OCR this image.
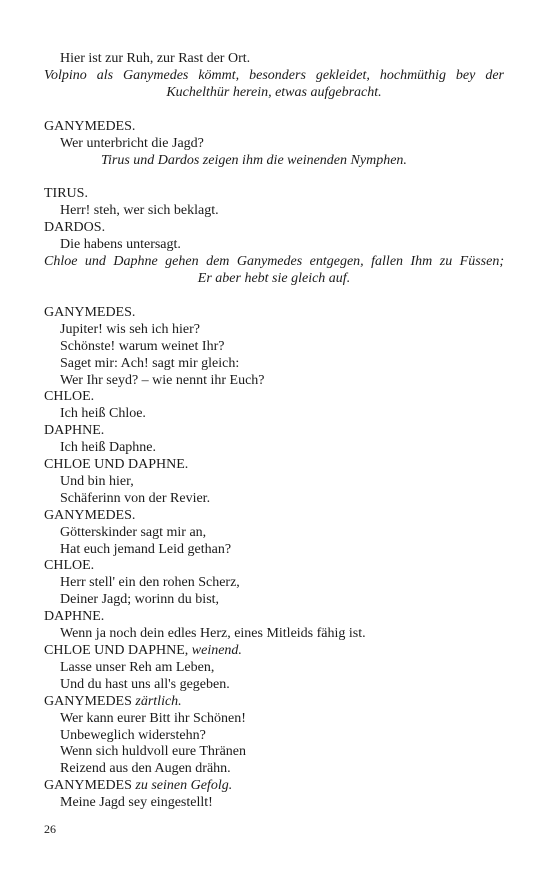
Hier ist zur Ruh, zur Rast der Ort.
Volpino als Ganymedes kömmt, besonders gekleidet, hochmüthig bey der
Kuchelthür herein, etwas aufgebracht.
GANYMEDES.
Wer unterbricht die Jagd?
Tirus und Dardos zeigen ihm die weinenden Nymphen.
TIRUS.
Herr! steh, wer sich beklagt.
DARDOS.
Die habens untersagt.
Chloe und Daphne gehen dem Ganymedes entgegen, fallen Ihm zu Füssen;
Er aber hebt sie gleich auf.
GANYMEDES.
Jupiter! wis seh ich hier?
Schönste! warum weinet Ihr?
Saget mir: Ach! sagt mir gleich:
Wer Ihr seyd? – wie nennt ihr Euch?
CHLOE.
Ich heiß Chloe.
DAPHNE.
Ich heiß Daphne.
CHLOE UND DAPHNE.
Und bin hier,
Schäferinn von der Revier.
GANYMEDES.
Götterskinder sagt mir an,
Hat euch jemand Leid gethan?
CHLOE.
Herr stell' ein den rohen Scherz,
Deiner Jagd; worinn du bist,
DAPHNE.
Wenn ja noch dein edles Herz, eines Mitleids fähig ist.
CHLOE UND DAPHNE, weinend.
Lasse unser Reh am Leben,
Und du hast uns all's gegeben.
GANYMEDES zärtlich.
Wer kann eurer Bitt ihr Schönen!
Unbeweglich widerstehn?
Wenn sich huldvoll eure Thränen
Reizend aus den Augen drähn.
GANYMEDES zu seinen Gefolg.
Meine Jagd sey eingestellt!
26
